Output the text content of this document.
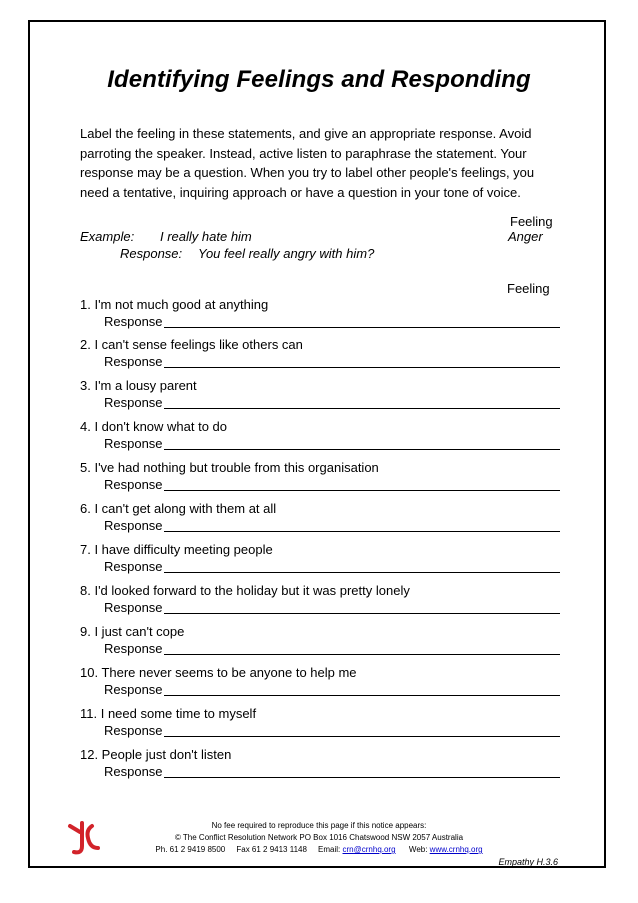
Identifying Feelings and Responding
Label the feeling in these statements, and give an appropriate response. Avoid parroting the speaker. Instead, active listen to paraphrase the statement. Your response may be a question. When you try to label other people's feelings, you need a tentative, inquiring approach or have a question in your tone of voice.
Feeling
Example: I really hate him	Anger
Response: You feel really angry with him?
Feeling
1. I'm not much good at anything
Response
2. I can't sense feelings like others can
Response
3. I'm a lousy parent
Response
4. I don't know what to do
Response
5. I've had nothing but trouble from this organisation
Response
6. I can't get along with them at all
Response
7. I have difficulty meeting people
Response
8. I'd looked forward to the holiday but it was pretty lonely
Response
9. I just can't cope
Response
10. There never seems to be anyone to help me
Response
11. I need some time to myself
Response
12. People just don't listen
Response
No fee required to reproduce this page if this notice appears:
© The Conflict Resolution Network PO Box 1016 Chatswood NSW 2057 Australia
Ph. 61 2 9419 8500     Fax 61 2 9413 1148     Email: crn@crnhq.org Web: www.crnhq.org
Empathy H.3.6
